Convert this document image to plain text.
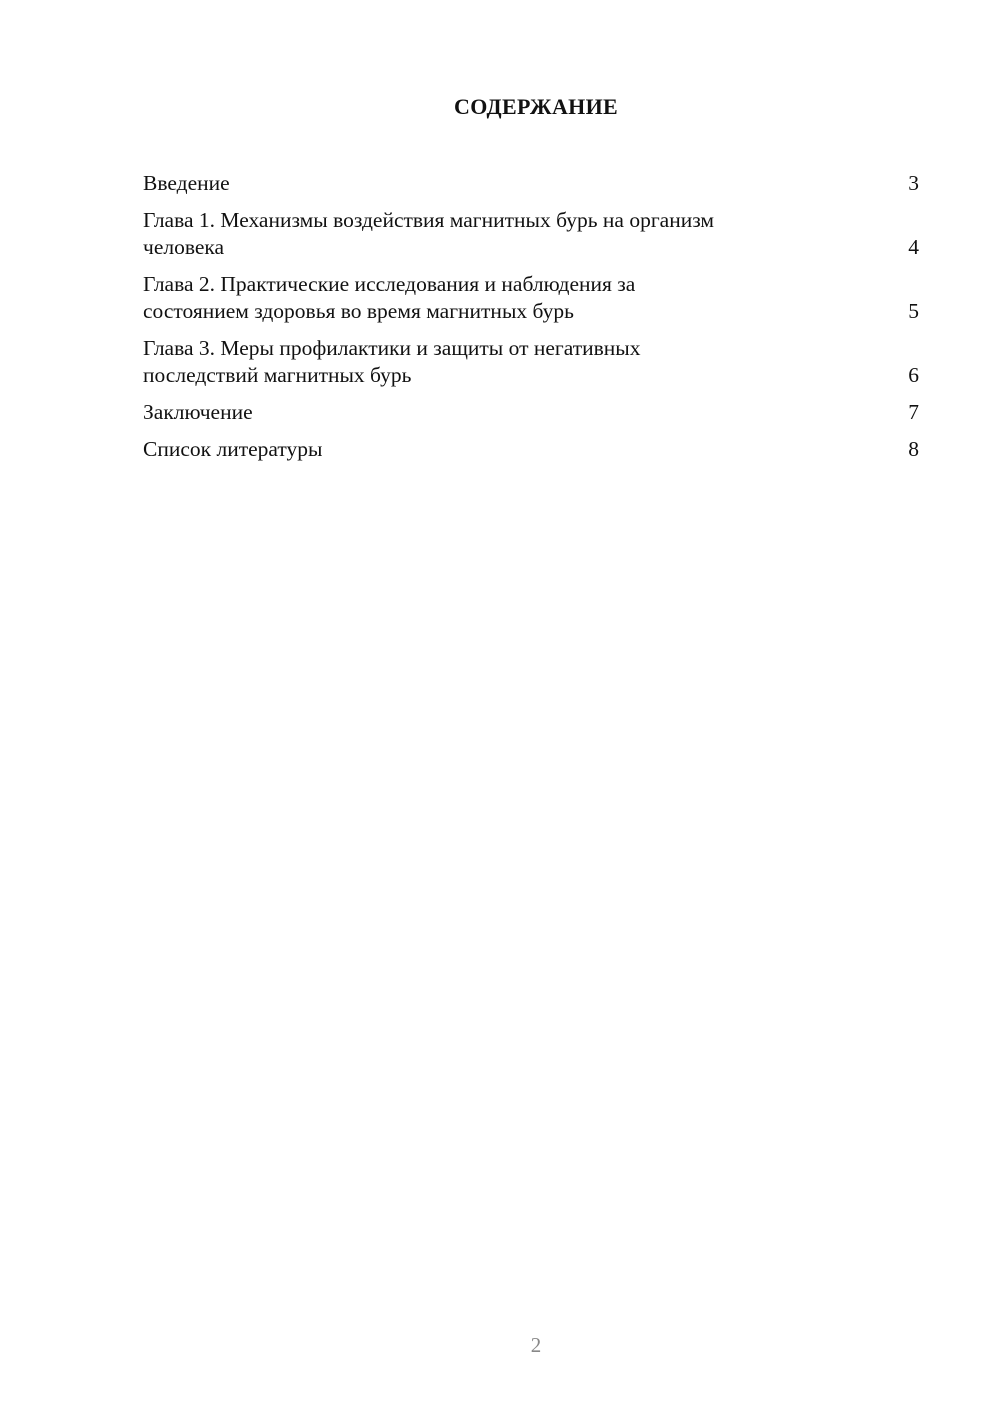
СОДЕРЖАНИЕ
Введение	3
Глава 1. Механизмы воздействия магнитных бурь на организм
человека	4
Глава 2. Практические исследования и наблюдения за
состоянием здоровья во время магнитных бурь	5
Глава 3. Меры профилактики и защиты от негативных
последствий магнитных бурь	6
Заключение	7
Список литературы	8
2
